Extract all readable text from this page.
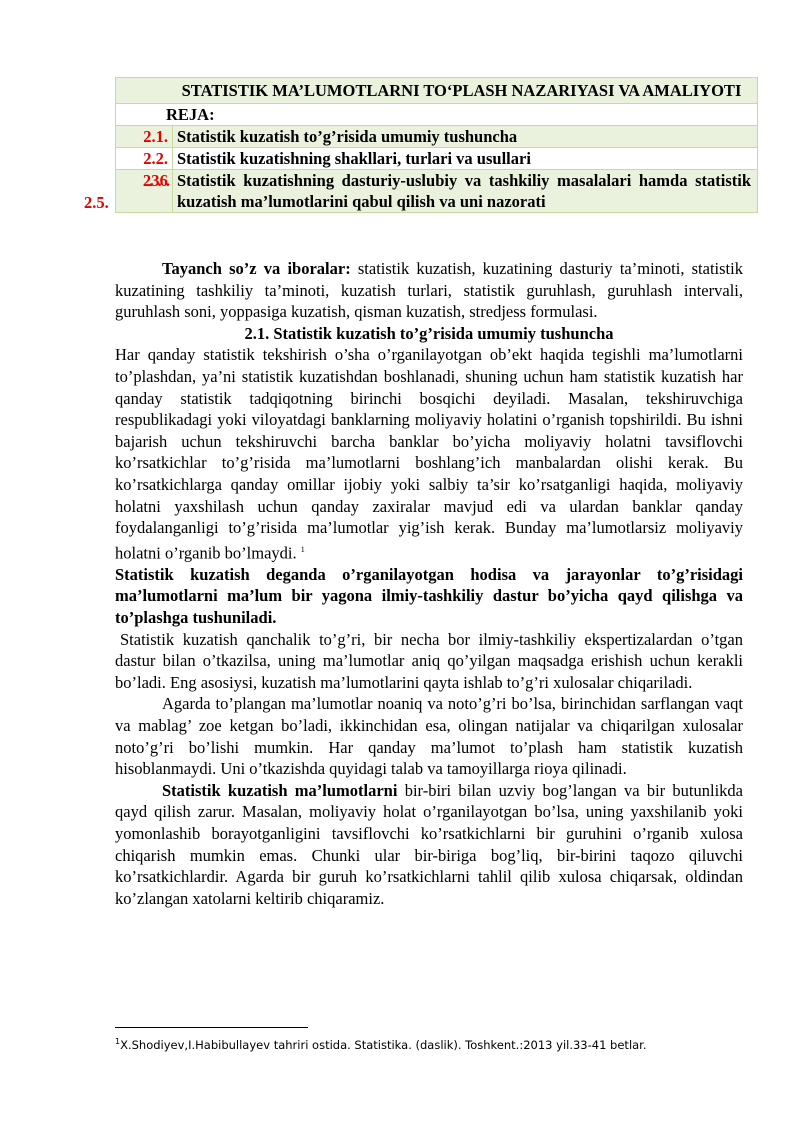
STATISTIK MA’LUMOTLARNI TO‘PLASH NAZARIYASI VA AMALIYOTI	
REJA:	
2.1.	Statistik kuzatish to’g’risida umumiy tushuncha
2.2.	Statistik kuzatishning shakllari, turlari va usullari
2.3.6.	Statistik kuzatishning dasturiy-uslubiy va tashkiliy masalalari hamda statistik kuzatish ma’lumotlarini qabul qilish va uni nazorati
2.5.

Tayanch so’z va iboralar: statistik kuzatish, kuzatining dasturiy ta’minoti, statistik kuzatining tashkiliy ta’minoti, kuzatish turlari, statistik guruhlash, guruhlash intervali, guruhlash soni, yoppasiga kuzatish, qisman kuzatish, stredjess formulasi.

2.1. Statistik kuzatish to’g’risida umumiy tushuncha

Har qanday statistik tekshirish o’sha o’rganilayotgan ob’ekt haqida tegishli ma’lumotlarni to’plashdan, ya’ni statistik kuzatishdan boshlanadi, shuning uchun ham statistik kuzatish har qanday statistik tadqiqotning birinchi bosqichi deyiladi. Masalan, tekshiruvchiga respublikadagi yoki viloyatdagi banklarning moliyaviy holatini o’rganish topshirildi. Bu ishni bajarish uchun tekshiruvchi barcha banklar bo’yicha moliyaviy holatni tavsiflovchi ko’rsatkichlar to’g’risida ma’lumotlarni boshlang’ich manbalardan olishi kerak. Bu ko’rsatkichlarga qanday omillar ijobiy yoki salbiy ta’sir ko’rsatganligi haqida, moliyaviy holatni yaxshilash uchun qanday zaxiralar mavjud edi va ulardan banklar qanday foydalanganligi to’g’risida ma’lumotlar yig’ish kerak. Bunday ma’lumotlarsiz moliyaviy holatni o’rganib bo’lmaydi. $^1$

Statistik kuzatish deganda o’rganilayotgan hodisa va jarayonlar to’g’risidagi ma’lumotlarni ma’lum bir yagona ilmiy-tashkiliy dastur bo’yicha qayd qilishga va to’plashga tushuniladi.

Statistik kuzatish qanchalik to’g’ri, bir necha bor ilmiy-tashkiliy ekspertizalardan o’tgan dastur bilan o’tkazilsa, uning ma’lumotlar aniq qo’yilgan maqsadga erishish uchun kerakli bo’ladi. Eng asosiysi, kuzatish ma’lumotlarini qayta ishlab to’g’ri xulosalar chiqariladi.

Agarda to’plangan ma’lumotlar noaniq va noto’g’ri bo’lsa, birinchidan sarflangan vaqt va mablag’ zoe ketgan bo’ladi, ikkinchidan esa, olingan natijalar va chiqarilgan xulosalar noto’g’ri bo’lishi mumkin. Har qanday ma’lumot to’plash ham statistik kuzatish hisoblanmaydi. Uni o’tkazishda quyidagi talab va tamoyillarga rioya qilinadi.

Statistik kuzatish ma’lumotlarni bir-biri bilan uzviy bog’langan va bir butunlikda qayd qilish zarur. Masalan, moliyaviy holat o’rganilayotgan bo’lsa, uning yaxshilanib yoki yomonlashib borayotganligini tavsiflovchi ko’rsatkichlarni bir guruhini o’rganib xulosa chiqarish mumkin emas. Chunki ular bir-biriga bog’liq, bir-birini taqozo qiluvchi ko’rsatkichlardir. Agarda bir guruh ko’rsatkichlarni tahlil qilib xulosa chiqarsak, oldindan ko’zlangan xatolarni keltirib chiqaramiz.

$^1$X.Shodiyev,I.Habibullayev tahriri ostida. Statistika. (daslik). Toshkent.:2013 yil.33-41 betlar.
